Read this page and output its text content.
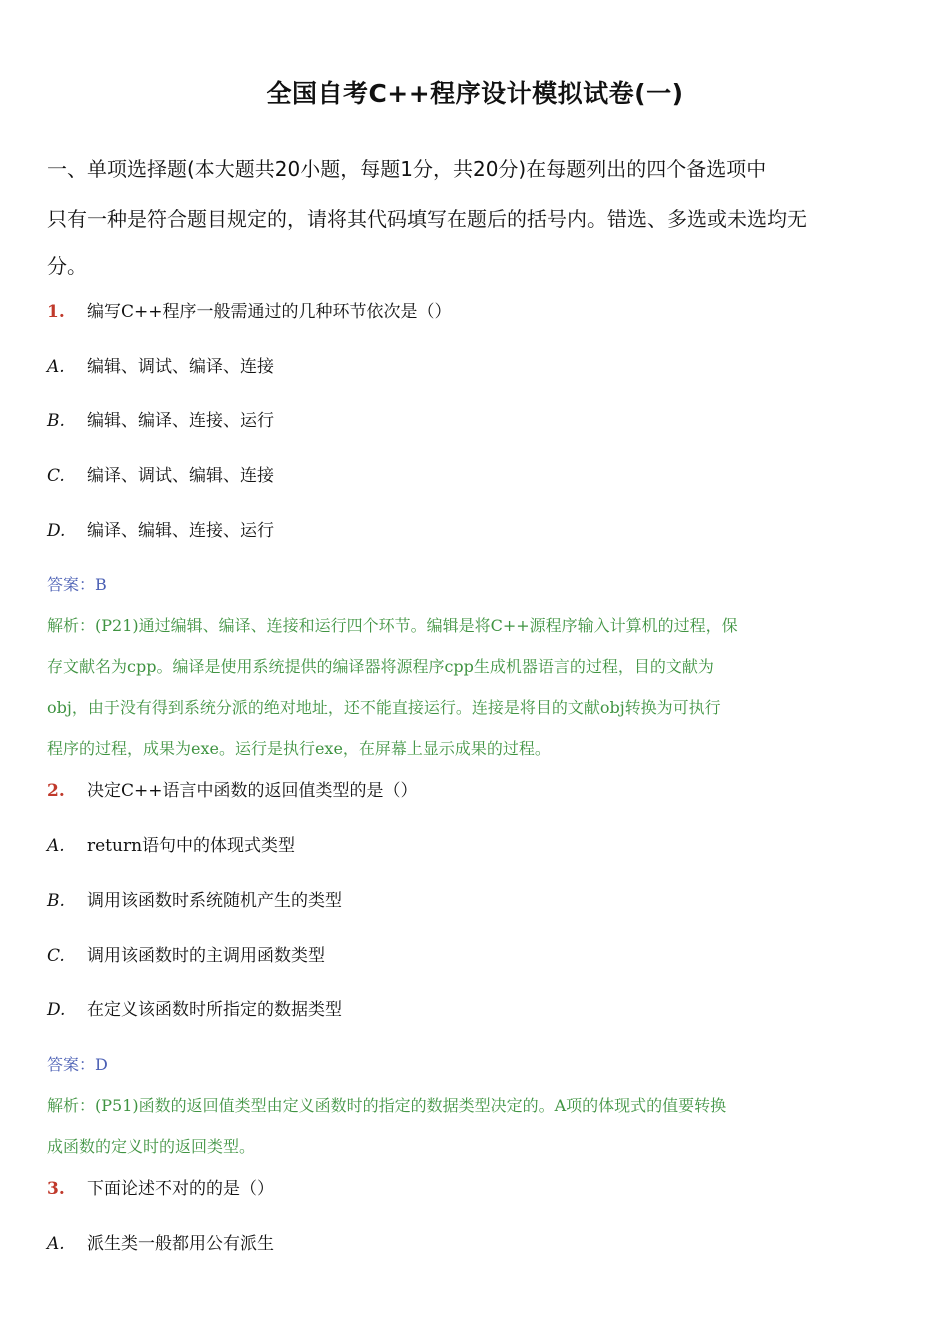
全国自考C++程序设计模拟试卷(一)
一、单项选择题(本大题共20小题，每题1分，共20分)在每题列出的四个备选项中
只有一种是符合题目规定的，请将其代码填写在题后的括号内。错选、多选或未选均无
分。
1. 编写C++程序一般需通过的几种环节依次是（）
A. 编辑、调试、编译、连接
B. 编辑、编译、连接、运行
C. 编译、调试、编辑、连接
D. 编译、编辑、连接、运行
答案：B
解析：(P21)通过编辑、编译、连接和运行四个环节。编辑是将C++源程序输入计算机的过程，保
存文献名为cpp。编译是使用系统提供的编译器将源程序cpp生成机器语言的过程，目的文献为
obj，由于没有得到系统分派的绝对地址，还不能直接运行。连接是将目的文献obj转换为可执行
程序的过程，成果为exe。运行是执行exe，在屏幕上显示成果的过程。
2. 决定C++语言中函数的返回值类型的是（）
A. return语句中的体现式类型
B. 调用该函数时系统随机产生的类型
C. 调用该函数时的主调用函数类型
D. 在定义该函数时所指定的数据类型
答案：D
解析：(P51)函数的返回值类型由定义函数时的指定的数据类型决定的。A项的体现式的值要转换
成函数的定义时的返回类型。
3. 下面论述不对的的是（）
A. 派生类一般都用公有派生
